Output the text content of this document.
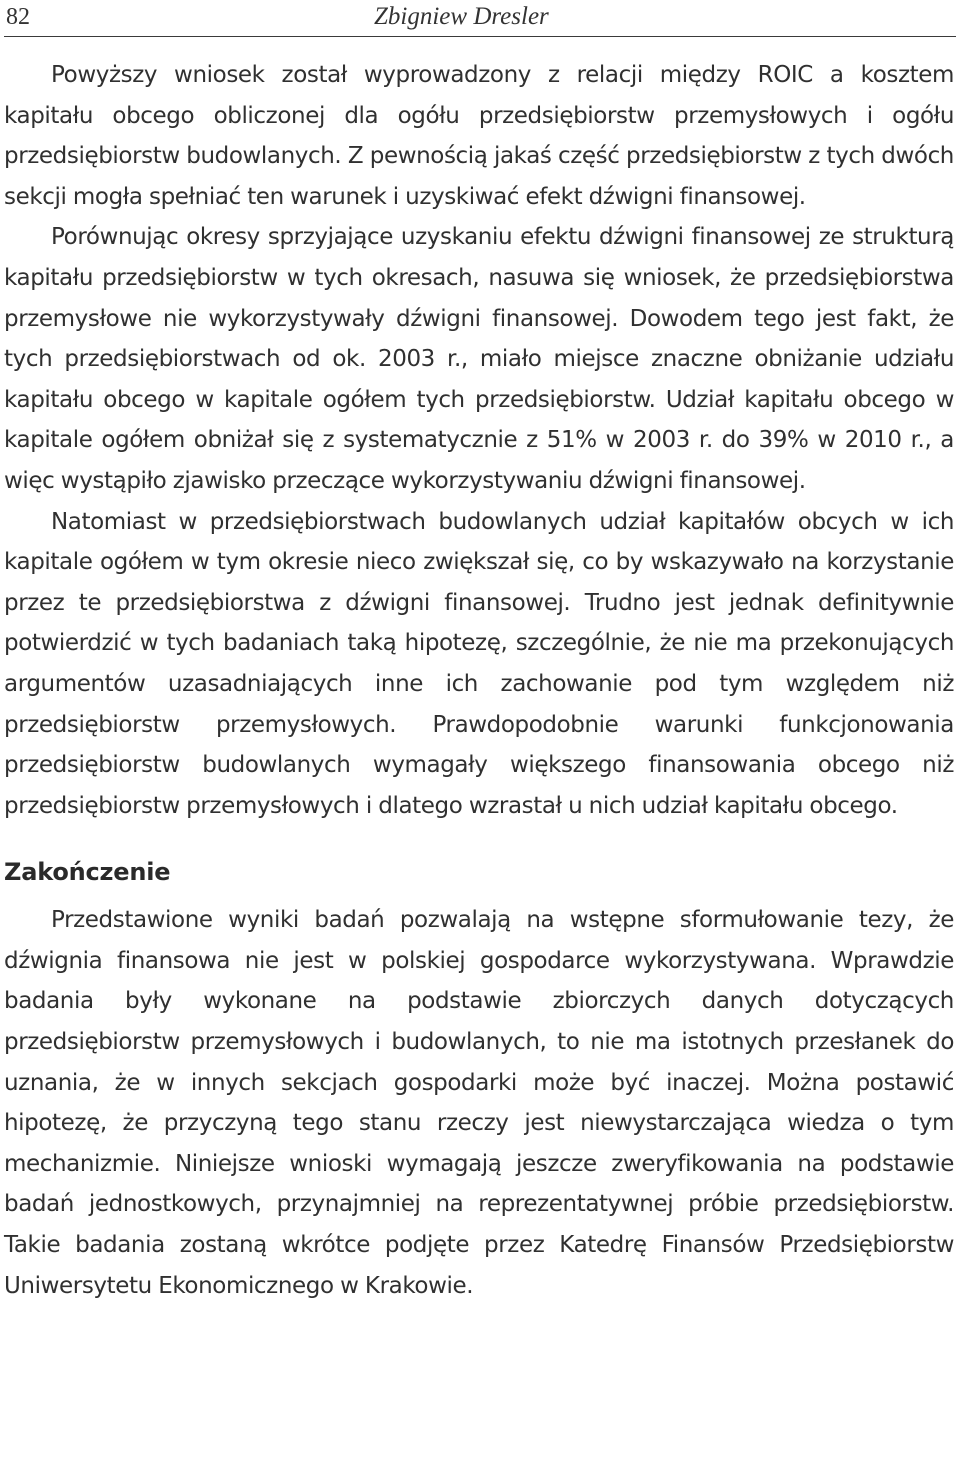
82	Zbigniew Dresler

Powyższy wniosek został wyprowadzony z relacji między ROIC a kosztem kapitału obcego obliczonej dla ogółu przedsiębiorstw przemysłowych i ogółu przedsiębiorstw budowlanych. Z pewnością jakaś część przedsiębiorstw z tych dwóch sekcji mogła spełniać ten warunek i uzyskiwać efekt dźwigni finansowej.

Porównując okresy sprzyjające uzyskaniu efektu dźwigni finansowej ze strukturą kapitału przedsiębiorstw w tych okresach, nasuwa się wniosek, że przedsiębiorstwa przemysłowe nie wykorzystywały dźwigni finansowej. Dowodem tego jest fakt, że tych przedsiębiorstwach od ok. 2003 r., miało miejsce znaczne obniżanie udziału kapitału obcego w kapitale ogółem tych przedsiębiorstw. Udział kapitału obcego w kapitale ogółem obniżał się z systematycznie z 51% w 2003 r. do 39% w 2010 r., a więc wystąpiło zjawisko przeczące wykorzystywaniu dźwigni finansowej.

Natomiast w przedsiębiorstwach budowlanych udział kapitałów obcych w ich kapitale ogółem w tym okresie nieco zwiększał się, co by wskazywało na korzystanie przez te przedsiębiorstwa z dźwigni finansowej. Trudno jest jednak definitywnie potwierdzić w tych badaniach taką hipotezę, szczególnie, że nie ma przekonujących argumentów uzasadniających inne ich zachowanie pod tym względem niż przedsiębiorstw przemysłowych. Prawdopodobnie warunki funkcjonowania przedsiębiorstw budowlanych wymagały większego finansowania obcego niż przedsiębiorstw przemysłowych i dlatego wzrastał u nich udział kapitału obcego.

Zakończenie

Przedstawione wyniki badań pozwalają na wstępne sformułowanie tezy, że dźwignia finansowa nie jest w polskiej gospodarce wykorzystywana. Wprawdzie badania były wykonane na podstawie zbiorczych danych dotyczących przedsiębiorstw przemysłowych i budowlanych, to nie ma istotnych przesłanek do uznania, że w innych sekcjach gospodarki może być inaczej. Można postawić hipotezę, że przyczyną tego stanu rzeczy jest niewystarczająca wiedza o tym mechanizmie. Niniejsze wnioski wymagają jeszcze zweryfikowania na podstawie badań jednostkowych, przynajmniej na reprezentatywnej próbie przedsiębiorstw. Takie badania zostaną wkrótce podjęte przez Katedrę Finansów Przedsiębiorstw Uniwersytetu Ekonomicznego w Krakowie.
